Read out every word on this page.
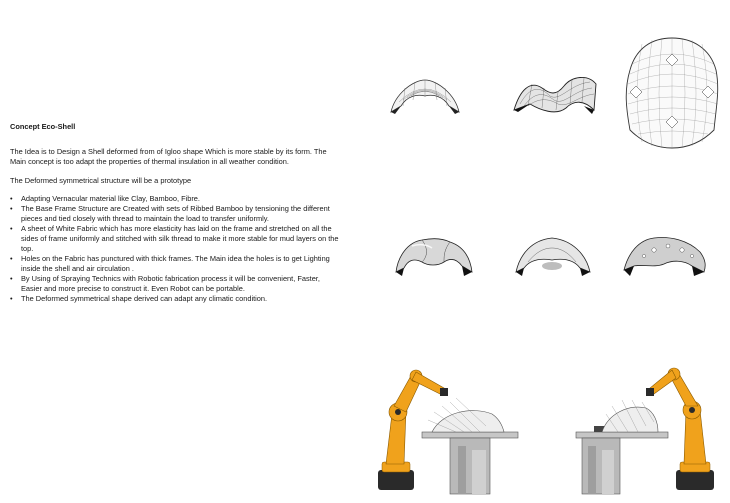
Concept Eco-Shell

The Idea is to Design a Shell deformed from of Igloo shape Which is more stable by its form. The Main concept is too adapt the properties of thermal insulation in all weather condition.

The Deformed symmetrical structure will be a prototype

• Adapting Vernacular material like Clay, Bamboo, Fibre.
• The Base Frame Structure are Created with sets of Ribbed Bamboo by tensioning the different pieces and tied closely with thread to maintain the load to transfer uniformly.
• A sheet of White Fabric which has more elasticity has laid on the frame and stretched on all the sides of frame uniformly and stitched with silk thread to make it more stable for mud layers on the top.
• Holes on the Fabric has punctured with thick frames. The Main idea the holes is to get Lighting inside the shell and air circulation .
• By Using of Spraying Technics with Robotic fabrication process it will be convenient, Faster, Easier and more precise to construct it. Even Robot can be portable.
• The Deformed symmetrical shape derived can adapt any climatic condition.
